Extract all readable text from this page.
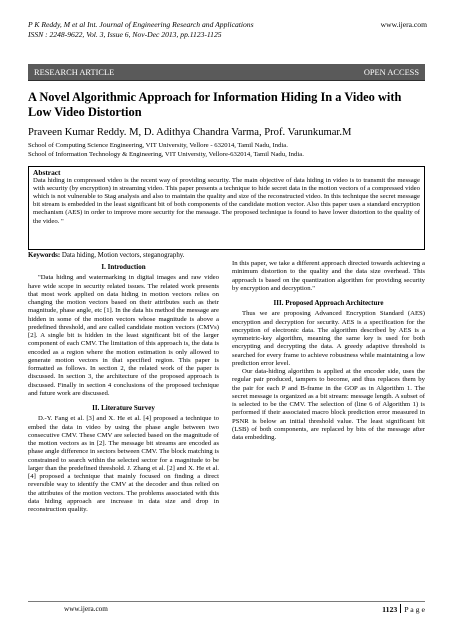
P K Reddy, M et al Int. Journal of Engineering Research and Applications
ISSN : 2248-9622, Vol. 3, Issue 6, Nov-Dec 2013, pp.1123-1125
www.ijera.com
RESEARCH ARTICLE	OPEN ACCESS
A Novel Algorithmic Approach for Information Hiding In a Video with Low Video Distortion
Praveen Kumar Reddy. M, D. Adithya Chandra Varma, Prof. Varunkumar.M
School of Computing Science Engineering, VIT University, Vellore - 632014, Tamil Nadu, India.
School of Information Technology & Engineering, VIT University, Vellore-632014, Tamil Nadu, India.
Abstract
Data hiding in compressed video is the recent way of providing security. The main objective of data hiding in video is to transmit the message with security (by encryption) in streaming video. This paper presents a technique to hide secret data in the motion vectors of a compressed video which is not vulnerable to Stag analysis and also to maintain the quality and size of the reconstructed video. In this technique the secret message bit stream is embedded in the least significant bit of both components of the candidate motion vector. Also this paper uses a standard encryption mechanism (AES) in order to improve more security for the message. The proposed technique is found to have lower distortion to the quality of the video. "
Keywords: Data hiding, Motion vectors, steganography.

I. Introduction

"Data hiding and watermarking in digital images and raw video have wide scope in security related issues. The related work presents that most work applied on data hiding in motion vectors relies on changing the motion vectors based on their attributes such as their magnitude, phase angle, etc [1]. In the data his method the message are hidden in some of the motion vectors whose magnitude is above a predefined threshold, and are called candidate motion vectors (CMVs) [2]. A single bit is hidden in the least significant bit of the larger component of each CMV. The limitation of this approach is, the data is encoded as a region where the motion estimation is only allowed to generate motion vectors in that specified region. This paper is formatted as follows. In section 2, the related work of the paper is discussed. In section 3, the architecture of the proposed approach is discussed. Finally in section 4 conclusions of the proposed technique and future work are discussed.

II. Literature Survey

D.-Y. Fang et al. [3] and X. He et al. [4] proposed a technique to embed the data in video by using the phase angle between two consecutive CMV. These CMV are selected based on the magnitude of the motion vectors as in [2]. The message bit streams are encoded as phase angle difference in sectors between CMV. The block matching is constrained to search within the selected sector for a magnitude to be larger than the predefined threshold. J. Zhang et al. [2] and X. He et al. [4] proposed a technique that mainly focused on finding a direct reversible way to identify the CMV at the decoder and thus relied on the attributes of the motion vectors. The problems associated with this data hiding approach are increase in data size and drop in reconstruction quality.

In this paper, we take a different approach directed towards achieving a minimum distortion to the quality and the data size overhead. This approach is based on the quantization algorithm for providing security by encryption and decryption."

III. Proposed Approach Architecture

Thus we are proposing Advanced Encryption Standard (AES) encryption and decryption for security. AES is a specification for the encryption of electronic data. The algorithm described by AES is a symmetric-key algorithm, meaning the same key is used for both encrypting and decrypting the data. A greedy adaptive threshold is searched for every frame to achieve robustness while maintaining a low prediction error level.

Our data-hiding algorithm is applied at the encoder side, uses the regular pair produced, tampers to become, and thus replaces them by the pair for each P and B-frame in the GOP as in Algorithm 1. The secret message is organized as a bit stream: message length. A subset of is selected to be the CMV. The selection of (line 6 of Algorithm 1) is performed if their associated macro block prediction error measured in PSNR is below an initial threshold value. The least significant bit (LSB) of both components, are replaced by bits of the message after data embedding.

www.ijera.com	1123 P a g e
